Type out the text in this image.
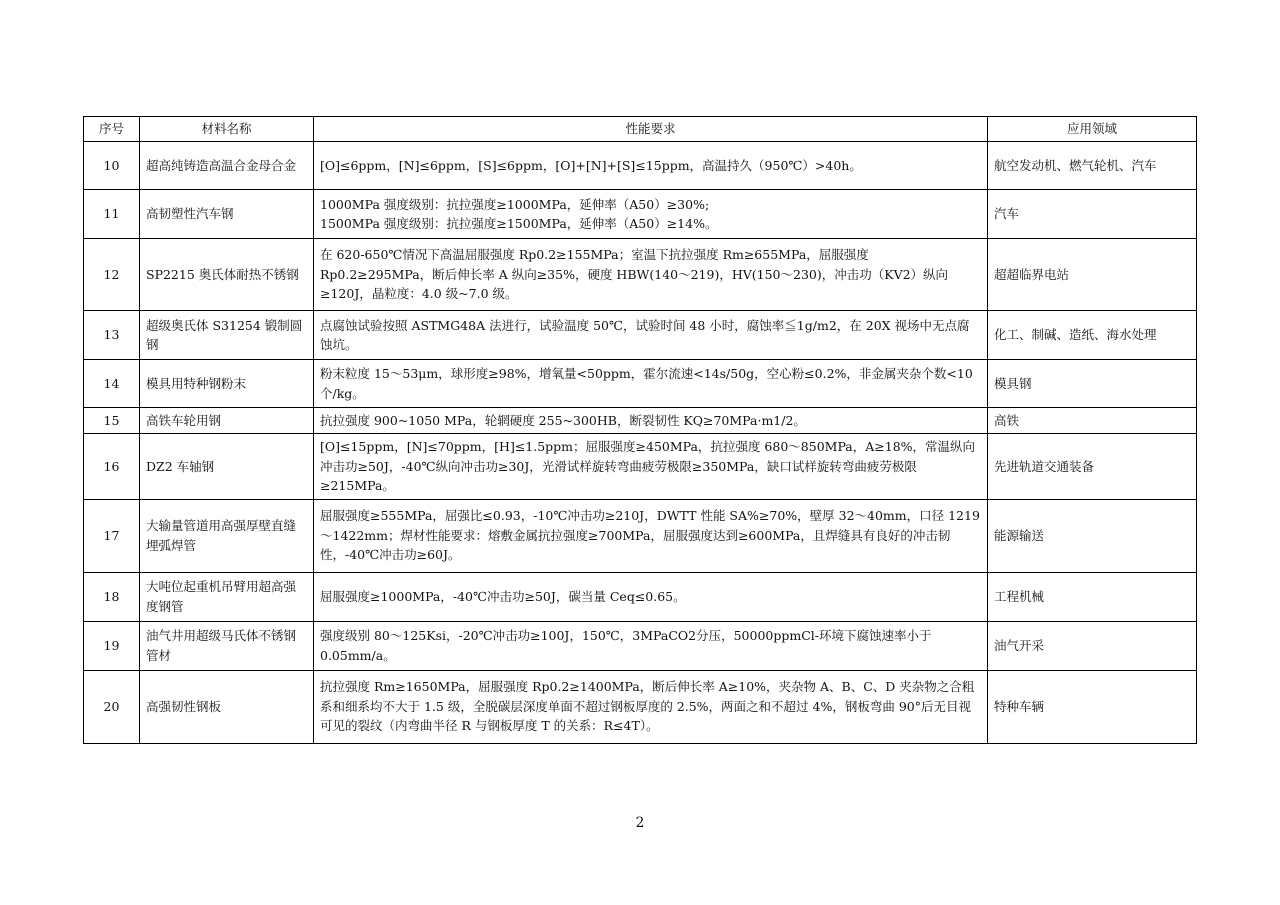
序号	材料名称	性能要求	应用领域
10	超高纯铸造高温合金母合金	[O]≤6ppm，[N]≤6ppm，[S]≤6ppm，[O]+[N]+[S]≤15ppm，高温持久（950℃）>40h。	航空发动机、燃气轮机、汽车
11	高韧塑性汽车钢	1000MPa 强度级别：抗拉强度≥1000MPa，延伸率（A50）≥30%;
1500MPa 强度级别：抗拉强度≥1500MPa，延伸率（A50）≥14%。	汽车
12	SP2215 奥氏体耐热不锈钢	在 620-650℃情况下高温屈服强度 Rp0.2≥155MPa；室温下抗拉强度 Rm≥655MPa，屈服强度 Rp0.2≥295MPa，断后伸长率 A 纵向≥35%，硬度 HBW(140～219)，HV(150～230)，冲击功（KV2）纵向≥120J，晶粒度：4.0 级~7.0 级。	超超临界电站
13	超级奥氏体 S31254 锻制圆钢	点腐蚀试验按照 ASTMG48A 法进行，试验温度 50℃，试验时间 48 小时，腐蚀率≦1g/m2，在 20X 视场中无点腐蚀坑。	化工、制碱、造纸、海水处理
14	模具用特种钢粉末	粉末粒度 15～53μm，球形度≥98%，增氧量<50ppm，霍尔流速<14s/50g，空心粉≤0.2%，非金属夹杂个数<10 个/kg。	模具钢
15	高铁车轮用钢	抗拉强度 900~1050 MPa，轮辋硬度 255~300HB，断裂韧性 KQ≥70MPa·m1/2。	高铁
16	DZ2 车轴钢	[O]≤15ppm，[N]≤70ppm，[H]≤1.5ppm；屈服强度≥450MPa，抗拉强度 680～850MPa，A≥18%，常温纵向冲击功≥50J，-40℃纵向冲击功≥30J，光滑试样旋转弯曲疲劳极限≥350MPa，缺口试样旋转弯曲疲劳极限≥215MPa。	先进轨道交通装备
17	大输量管道用高强厚壁直缝埋弧焊管	屈服强度≥555MPa，屈强比≤0.93，-10℃冲击功≥210J，DWTT 性能 SA%≥70%，壁厚 32～40mm，口径 1219～1422mm；焊材性能要求：熔敷金属抗拉强度≥700MPa，屈服强度达到≥600MPa，且焊缝具有良好的冲击韧性，-40℃冲击功≥60J。	能源输送
18	大吨位起重机吊臂用超高强度钢管	屈服强度≥1000MPa，-40℃冲击功≥50J，碳当量 Ceq≤0.65。	工程机械
19	油气井用超级马氏体不锈钢管材	强度级别 80～125Ksi，-20℃冲击功≥100J，150℃，3MPaCO2分压，50000ppmCl-环境下腐蚀速率小于 0.05mm/a。	油气开采
20	高强韧性钢板	抗拉强度 Rm≥1650MPa，屈服强度 Rp0.2≥1400MPa，断后伸长率 A≥10%，夹杂物 A、B、C、D 夹杂物之合粗系和细系均不大于 1.5 级，全脱碳层深度单面不超过钢板厚度的 2.5%，两面之和不超过 4%，钢板弯曲 90°后无目视可见的裂纹（内弯曲半径 R 与钢板厚度 T 的关系：R≤4T）。	特种车辆
2
